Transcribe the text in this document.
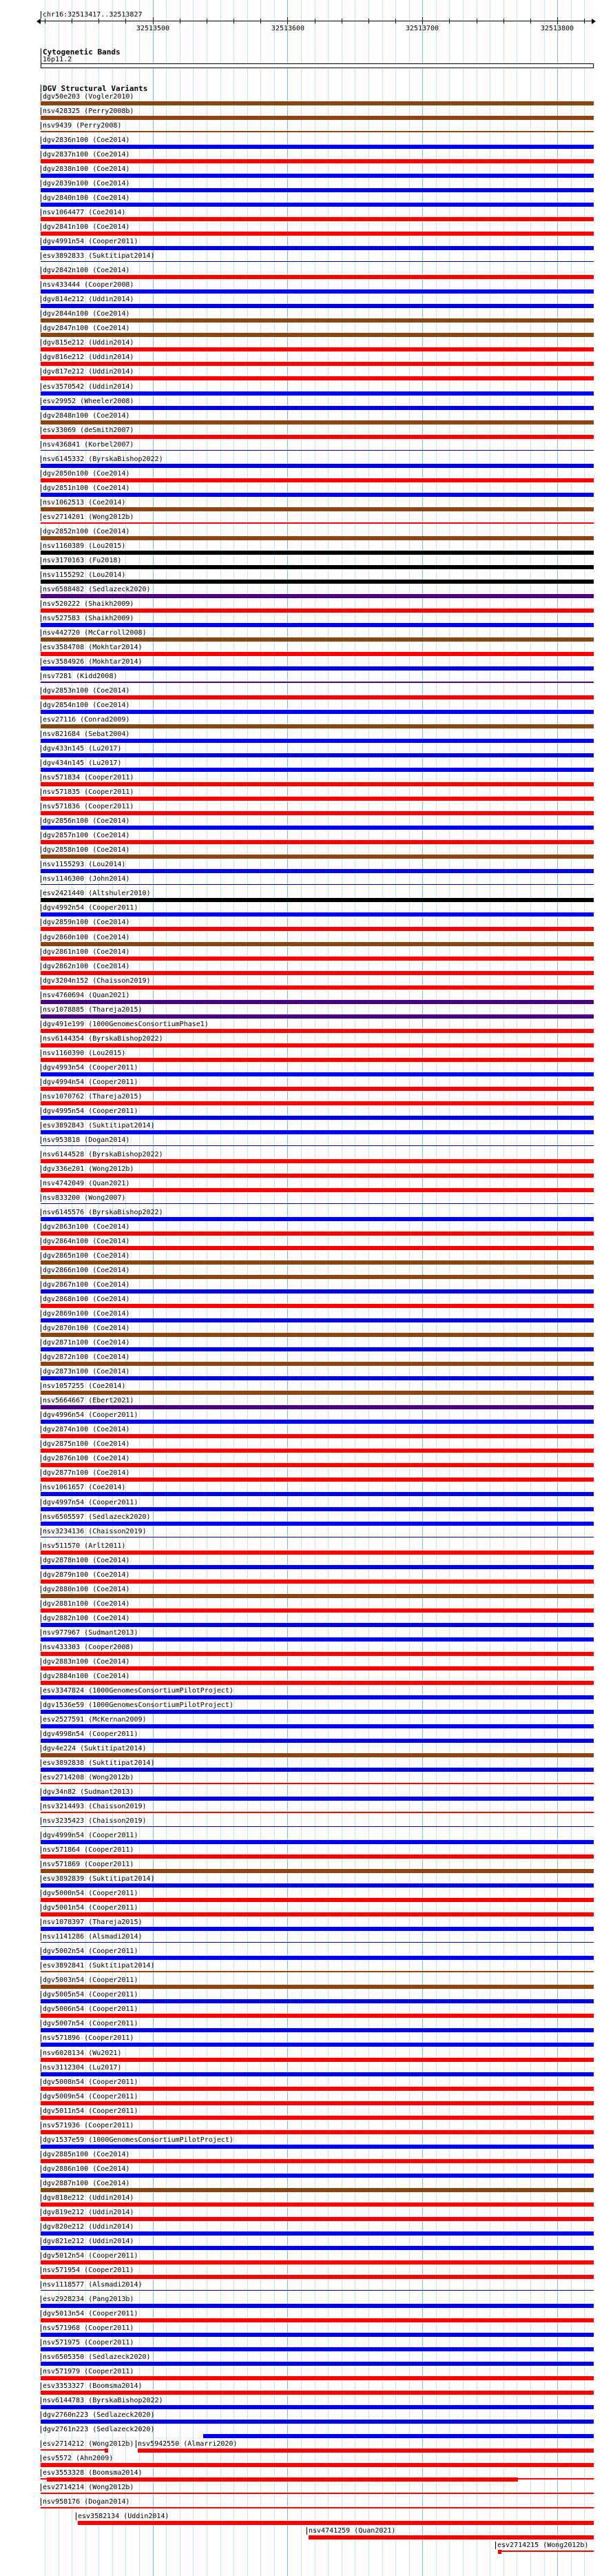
chr16:32513417..32513827
32513500	32513600	32513700	32513800
Cytogenetic Bands
16p11.2
DGV Structural Variants
dgv50e203 (Vogler2010)
nsv428325 (Perry2008b)
nsv9439 (Perry2008)
dgv2836n100 (Coe2014)
dgv2837n100 (Coe2014)
dgv2838n100 (Coe2014)
dgv2839n100 (Coe2014)
dgv2840n100 (Coe2014)
nsv1064477 (Coe2014)
dgv2841n100 (Coe2014)
dgv4991n54 (Cooper2011)
esv3892833 (Suktitipat2014)
dgv2842n100 (Coe2014)
nsv433444 (Cooper2008)
dgv814e212 (Uddin2014)
dgv2844n100 (Coe2014)
dgv2847n100 (Coe2014)
dgv815e212 (Uddin2014)
dgv816e212 (Uddin2014)
dgv817e212 (Uddin2014)
esv3570542 (Uddin2014)
esv29952 (Wheeler2008)
dgv2848n100 (Coe2014)
esv33069 (deSmith2007)
nsv436841 (Korbel2007)
nsv6145332 (ByrskaBishop2022)
dgv2850n100 (Coe2014)
dgv2851n100 (Coe2014)
nsv1062513 (Coe2014)
esv2714201 (Wong2012b)
dgv2852n100 (Coe2014)
nsv1160389 (Lou2015)
nsv3170163 (Fu2018)
nsv1155292 (Lou2014)
nsv6588482 (Sedlazeck2020)
nsv520222 (Shaikh2009)
nsv527583 (Shaikh2009)
nsv442720 (McCarroll2008)
esv3584708 (Mokhtar2014)
esv3584926 (Mokhtar2014)
nsv7281 (Kidd2008)
dgv2853n100 (Coe2014)
dgv2854n100 (Coe2014)
esv27116 (Conrad2009)
nsv821684 (Sebat2004)
dgv433n145 (Lu2017)
dgv434n145 (Lu2017)
nsv571834 (Cooper2011)
nsv571835 (Cooper2011)
nsv571836 (Cooper2011)
dgv2856n100 (Coe2014)
dgv2857n100 (Coe2014)
dgv2858n100 (Coe2014)
nsv1155293 (Lou2014)
nsv1146300 (John2014)
esv2421440 (Altshuler2010)
dgv4992n54 (Cooper2011)
dgv2859n100 (Coe2014)
dgv2860n100 (Coe2014)
dgv2861n100 (Coe2014)
dgv2862n100 (Coe2014)
dgv3204n152 (Chaisson2019)
nsv4760694 (Quan2021)
nsv1078885 (Thareja2015)
dgv491e199 (1000GenomesConsortiumPhase1)
nsv6144354 (ByrskaBishop2022)
nsv1160390 (Lou2015)
dgv4993n54 (Cooper2011)
dgv4994n54 (Cooper2011)
nsv1070762 (Thareja2015)
dgv4995n54 (Cooper2011)
esv3892843 (Suktitipat2014)
nsv953818 (Dogan2014)
nsv6144528 (ByrskaBishop2022)
dgv336e201 (Wong2012b)
nsv4742049 (Quan2021)
nsv833200 (Wong2007)
nsv6145576 (ByrskaBishop2022)
dgv2863n100 (Coe2014)
dgv2864n100 (Coe2014)
dgv2865n100 (Coe2014)
dgv2866n100 (Coe2014)
dgv2867n100 (Coe2014)
dgv2868n100 (Coe2014)
dgv2869n100 (Coe2014)
dgv2870n100 (Coe2014)
dgv2871n100 (Coe2014)
dgv2872n100 (Coe2014)
dgv2873n100 (Coe2014)
nsv1057255 (Coe2014)
nsv5664667 (Ebert2021)
dgv4996n54 (Cooper2011)
dgv2874n100 (Coe2014)
dgv2875n100 (Coe2014)
dgv2876n100 (Coe2014)
dgv2877n100 (Coe2014)
nsv1061657 (Coe2014)
dgv4997n54 (Cooper2011)
nsv6505597 (Sedlazeck2020)
nsv3234136 (Chaisson2019)
nsv511570 (Arlt2011)
dgv2878n100 (Coe2014)
dgv2879n100 (Coe2014)
dgv2880n100 (Coe2014)
dgv2881n100 (Coe2014)
dgv2882n100 (Coe2014)
nsv977967 (Sudmant2013)
nsv433303 (Cooper2008)
dgv2883n100 (Coe2014)
dgv2884n100 (Coe2014)
esv3347824 (1000GenomesConsortiumPilotProject)
dgv1536e59 (1000GenomesConsortiumPilotProject)
esv2527591 (McKernan2009)
dgv4998n54 (Cooper2011)
dgv4e224 (Suktitipat2014)
esv3892838 (Suktitipat2014)
esv2714208 (Wong2012b)
dgv34n82 (Sudmant2013)
nsv3214493 (Chaisson2019)
nsv3235423 (Chaisson2019)
dgv4999n54 (Cooper2011)
nsv571864 (Cooper2011)
nsv571869 (Cooper2011)
esv3892839 (Suktitipat2014)
dgv5000n54 (Cooper2011)
dgv5001n54 (Cooper2011)
nsv1078397 (Thareja2015)
nsv1141286 (Alsmadi2014)
dgv5002n54 (Cooper2011)
esv3892841 (Suktitipat2014)
dgv5003n54 (Cooper2011)
dgv5005n54 (Cooper2011)
dgv5006n54 (Cooper2011)
dgv5007n54 (Cooper2011)
nsv571896 (Cooper2011)
nsv6028134 (Wu2021)
nsv3112304 (Lu2017)
dgv5008n54 (Cooper2011)
dgv5009n54 (Cooper2011)
dgv5011n54 (Cooper2011)
nsv571936 (Cooper2011)
dgv1537e59 (1000GenomesConsortiumPilotProject)
dgv2885n100 (Coe2014)
dgv2886n100 (Coe2014)
dgv2887n100 (Coe2014)
dgv818e212 (Uddin2014)
dgv819e212 (Uddin2014)
dgv820e212 (Uddin2014)
dgv821e212 (Uddin2014)
dgv5012n54 (Cooper2011)
nsv571954 (Cooper2011)
nsv1118577 (Alsmadi2014)
esv2928234 (Pang2013b)
dgv5013n54 (Cooper2011)
nsv571968 (Cooper2011)
nsv571975 (Cooper2011)
nsv6505350 (Sedlazeck2020)
nsv571979 (Cooper2011)
esv3353327 (Boomsma2014)
nsv6144783 (ByrskaBishop2022)
dgv2760n223 (Sedlazeck2020)
dgv2761n223 (Sedlazeck2020)
esv2714212 (Wong2012b) nsv5942550 (Almarri2020)
esv5572 (Ahn2009)
esv3553328 (Boomsma2014)
esv2714214 (Wong2012b)
nsv958176 (Dogan2014)
esv3582134 (Uddin2014)
nsv4741259 (Quan2021)
esv2714215 (Wong2012b)
